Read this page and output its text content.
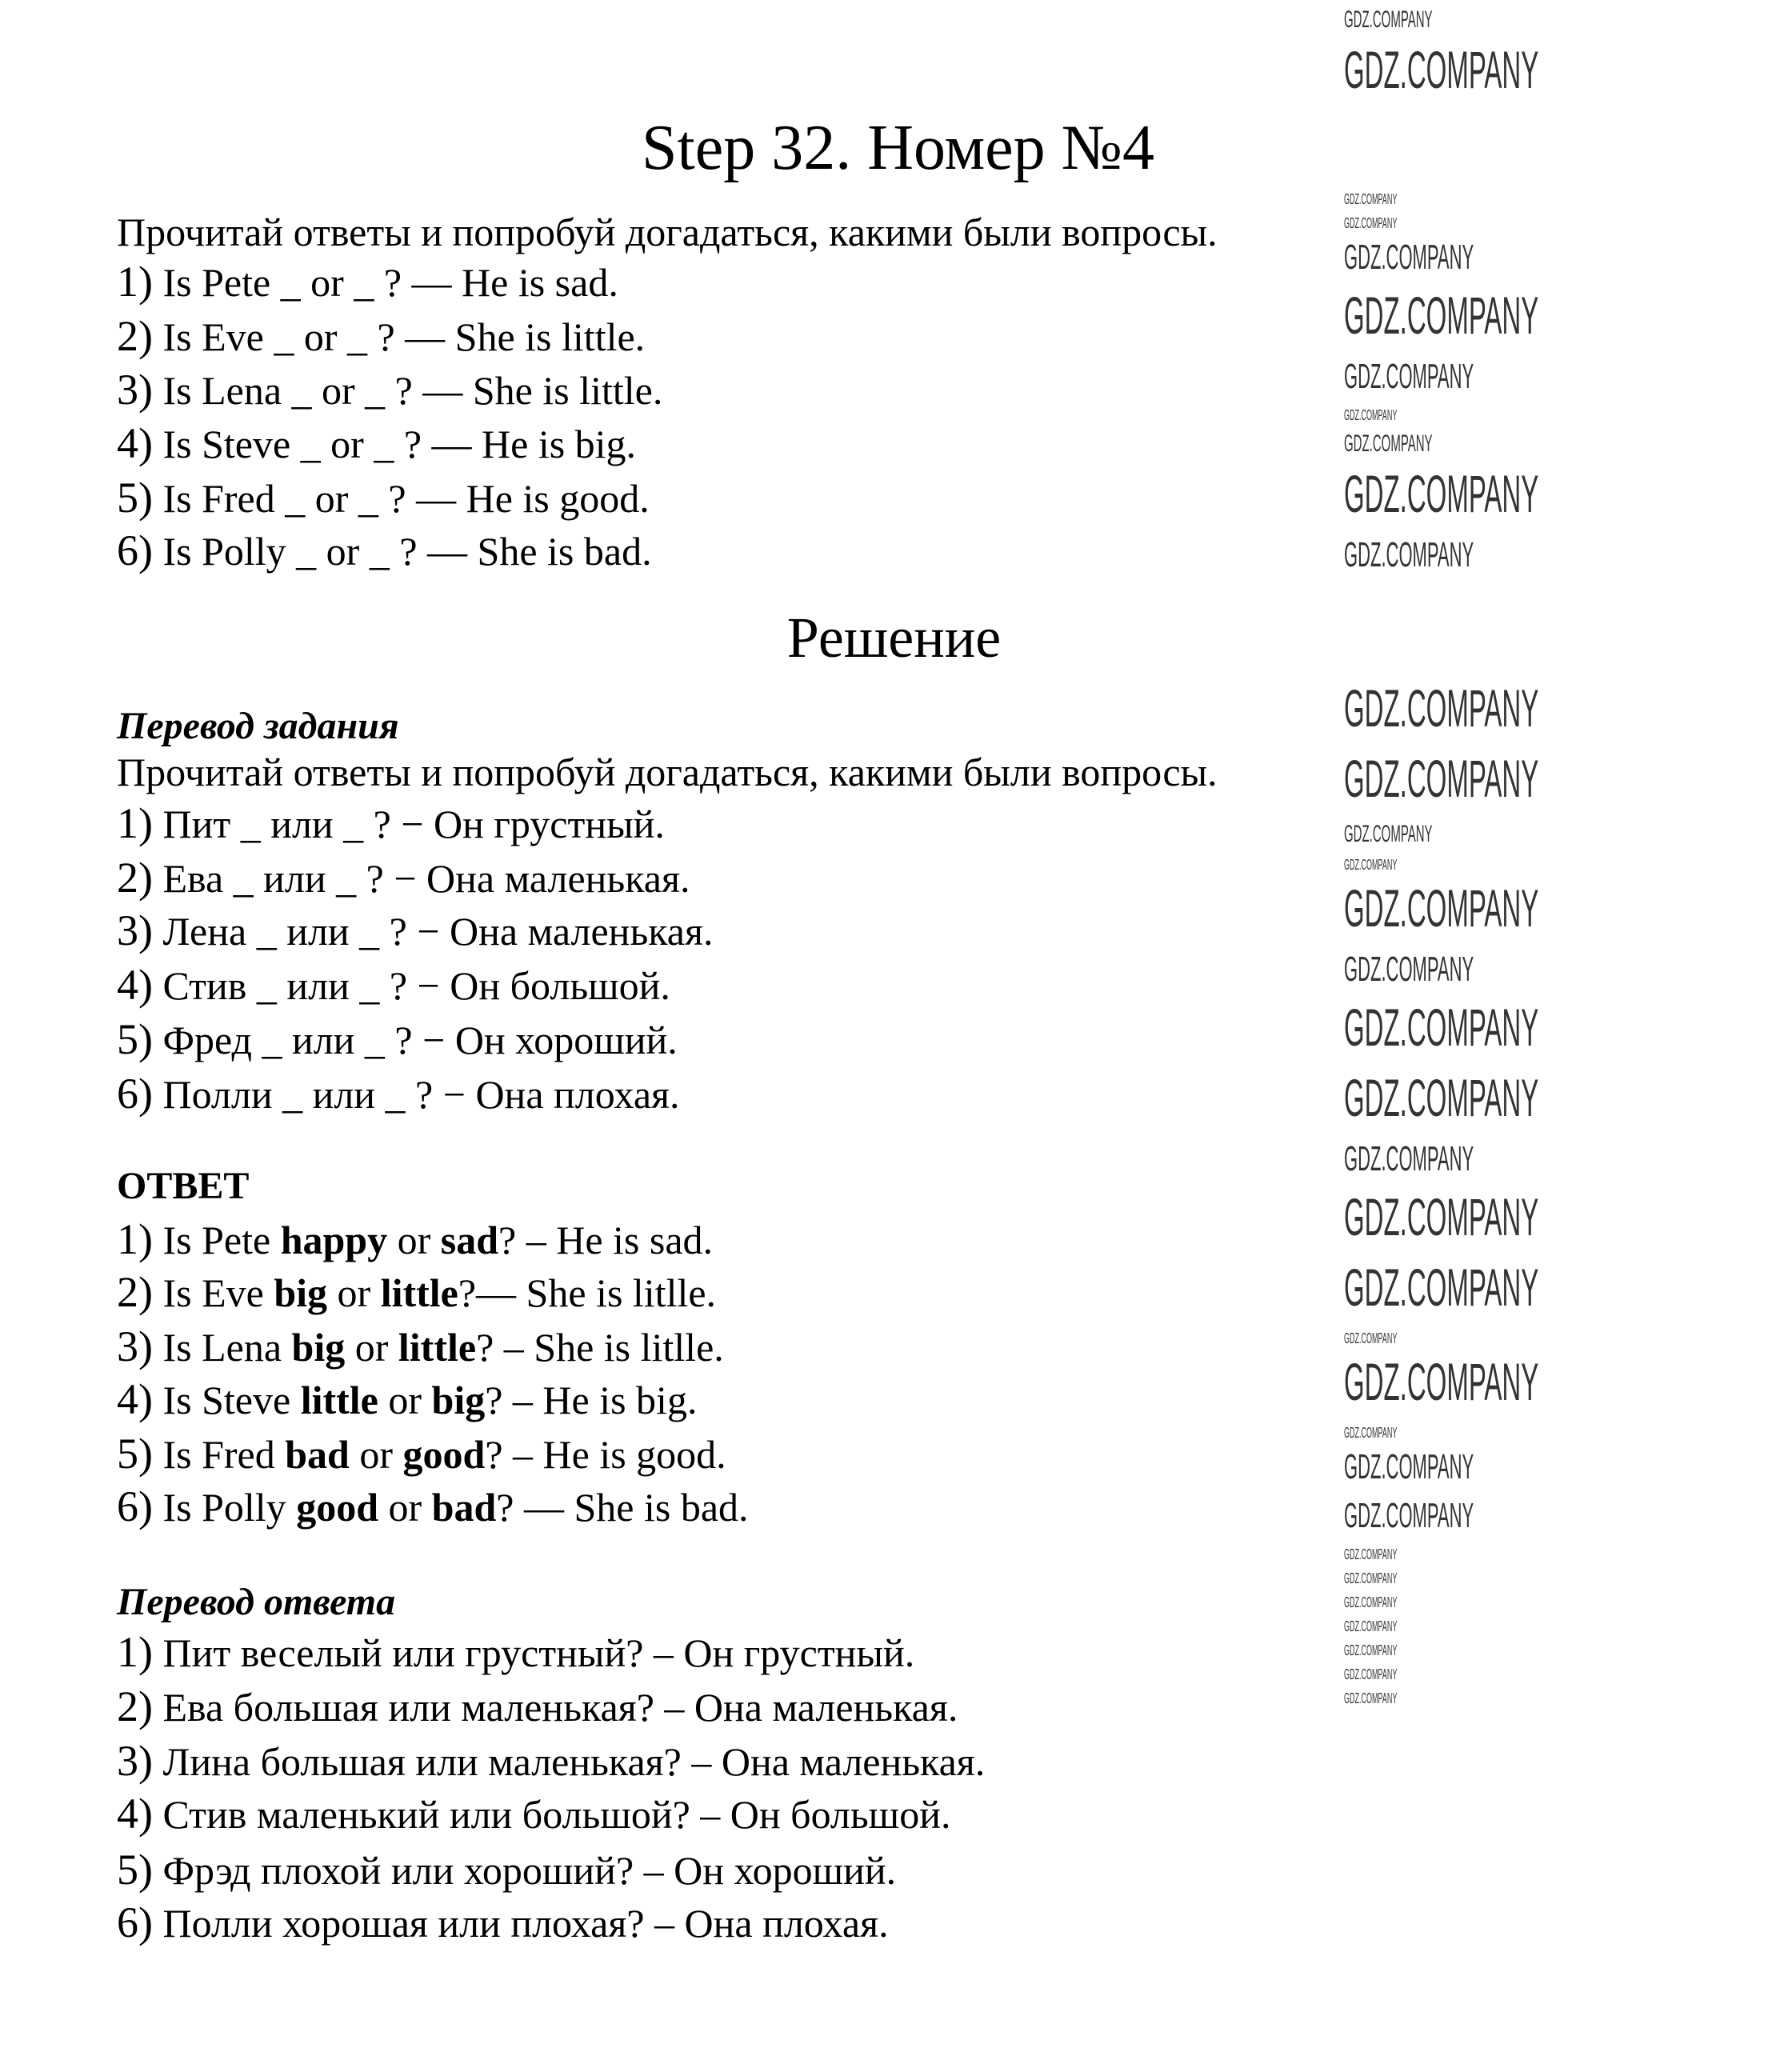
Step 32. Номер №4
Прочитай ответы и попробуй догадаться, какими были вопросы.
1) Is Pete _ or _ ? — He is sad.
2) Is Eve _ or _ ? — She is little.
3) Is Lena _ or _ ? — She is little.
4) Is Steve _ or _ ? — He is big.
5) Is Fred _ or _ ? — He is good.
6) Is Polly _ or _ ? — She is bad.
Решение
Перевод задания
Прочитай ответы и попробуй догадаться, какими были вопросы.
1) Пит _ или _ ? − Он грустный.
2) Ева _ или _ ? − Она маленькая.
3) Лена _ или _ ? − Она маленькая.
4) Стив _ или _ ? − Он большой.
5) Фред _ или _ ? − Он хороший.
6) Полли _ или _ ? − Она плохая.
ОТВЕТ
1) Is Pete happy or sad? – He is sad.
2) Is Eve big or little?— She is litlle.
3) Is Lena big or little? – She is litlle.
4) Is Steve little or big? – He is big.
5) Is Fred bad or good? – He is good.
6) Is Polly good or bad? — She is bad.
Перевод ответа
1) Пит веселый или грустный? – Он грустный.
2) Ева большая или маленькая? – Она маленькая.
3) Лина большая или маленькая? – Она маленькая.
4) Стив маленький или большой? – Он большой.
5) Фрэд плохой или хороший? – Он хороший.
6) Полли хорошая или плохая? – Она плохая.
GDZ.COMPANY
GDZ.COMPANY
GDZ.COMPANY
GDZ.COMPANY
GDZ.COMPANY
GDZ.COMPANY
GDZ.COMPANY
GDZ.COMPANY
GDZ.COMPANY
GDZ.COMPANY
GDZ.COMPANY
GDZ.COMPANY
GDZ.COMPANY
GDZ.COMPANY
GDZ.COMPANY
GDZ.COMPANY
GDZ.COMPANY
GDZ.COMPANY
GDZ.COMPANY
GDZ.COMPANY
GDZ.COMPANY
GDZ.COMPANY
GDZ.COMPANY
GDZ.COMPANY
GDZ.COMPANY
GDZ.COMPANY
GDZ.COMPANY
GDZ.COMPANY
GDZ.COMPANY
GDZ.COMPANY
GDZ.COMPANY
GDZ.COMPANY
GDZ.COMPANY
GDZ.COMPANY
